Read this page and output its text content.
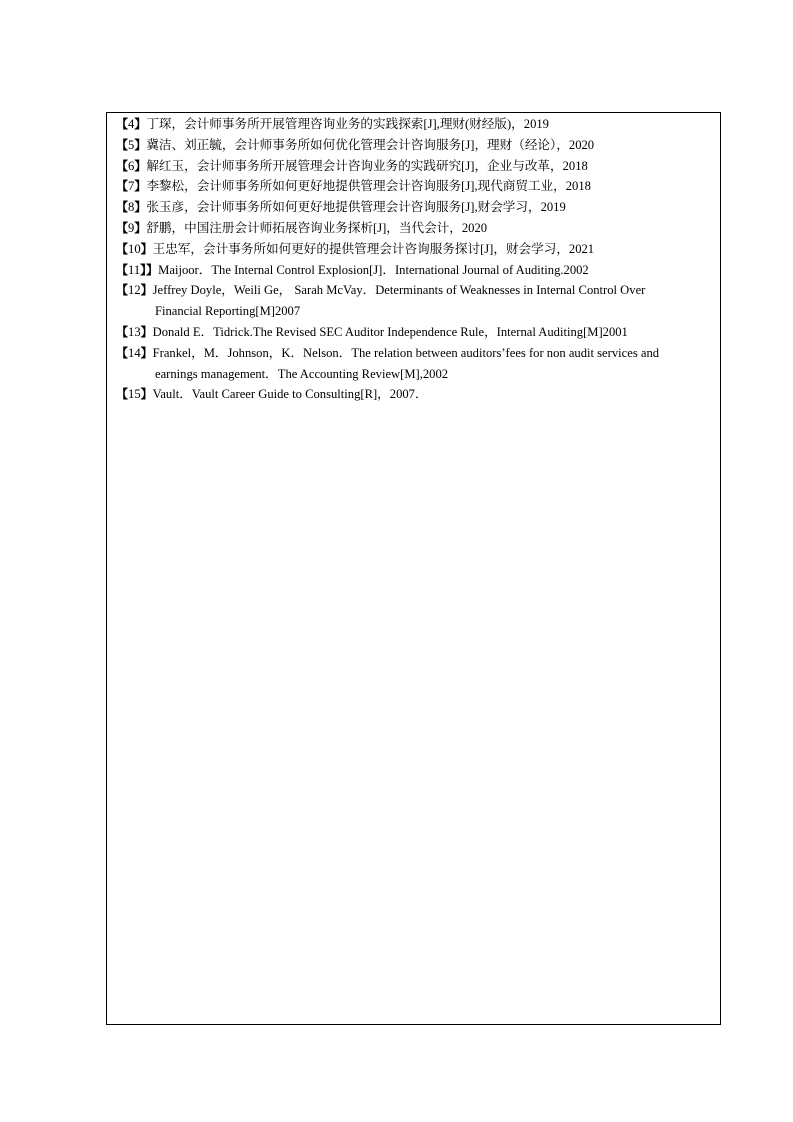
【4】丁琛，会计师事务所开展管理咨询业务的实践探索[J],理财(财经版)，2019

【5】冀洁、刘正毓，会计师事务所如何优化管理会计咨询服务[J]，理财（经论），2020

【6】解红玉，会计师事务所开展管理会计咨询业务的实践研究[J]，企业与改革，2018

【7】李黎松，会计师事务所如何更好地提供管理会计咨询服务[J],现代商贸工业，2018

【8】张玉彦，会计师事务所如何更好地提供管理会计咨询服务[J],财会学习，2019

【9】舒鹏，中国注册会计师拓展咨询业务探析[J]，当代会计，2020

【10】王忠军，会计事务所如何更好的提供管理会计咨询服务探讨[J]，财会学习，2021

【11】】Maijoor．The Internal Control Explosion[J]．International Journal of Auditing.2002

【12】Jeffrey Doyle，Weili Ge， Sarah McVay．Determinants of Weaknesses in Internal Control Over
Financial Reporting[M]2007

【13】Donald E．Tidrick.The Revised SEC Auditor Independence Rule，Internal Auditing[M]2001

【14】Frankel，M．Johnson，K．Nelson．The relation between auditors’fees for non audit services and
earnings management．The Accounting Review[M],2002

【15】Vault．Vault Career Guide to Consulting[R]，2007．
